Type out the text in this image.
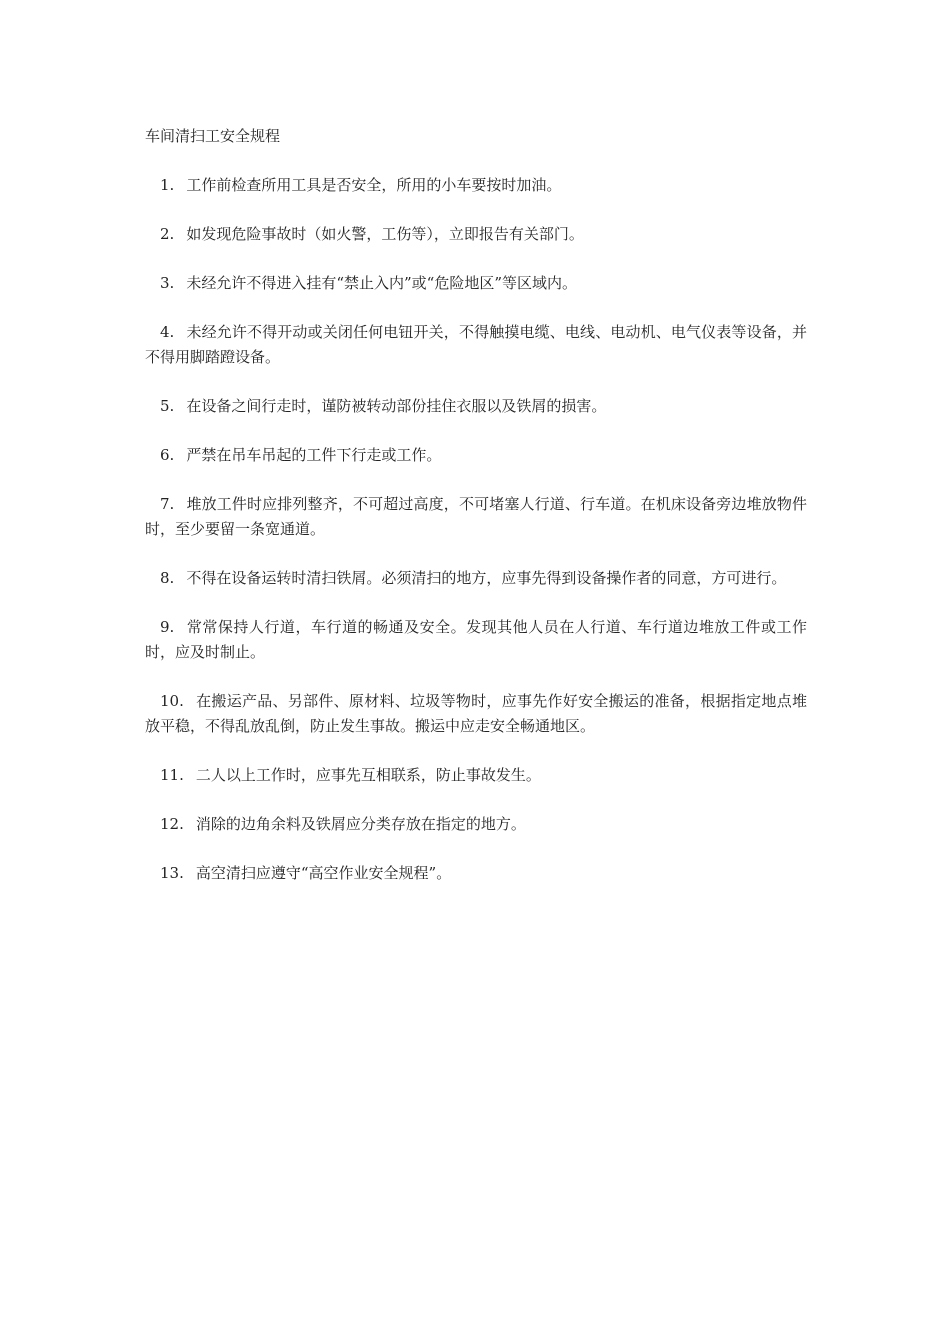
车间清扫工安全规程

1. 工作前检查所用工具是否安全，所用的小车要按时加油。
2. 如发现危险事故时（如火警，工伤等），立即报告有关部门。
3. 未经允许不得进入挂有“禁止入内”或“危险地区”等区域内。
4. 未经允许不得开动或关闭任何电钮开关，不得触摸电缆、电线、电动机、电气仪表等设备，并不得用脚踏蹬设备。
5. 在设备之间行走时，谨防被转动部份挂住衣服以及铁屑的损害。
6. 严禁在吊车吊起的工件下行走或工作。
7. 堆放工件时应排列整齐，不可超过高度，不可堵塞人行道、行车道。在机床设备旁边堆放物件时，至少要留一条宽通道。
8. 不得在设备运转时清扫铁屑。必须清扫的地方，应事先得到设备操作者的同意，方可进行。
9. 常常保持人行道，车行道的畅通及安全。发现其他人员在人行道、车行道边堆放工件或工作时，应及时制止。
10. 在搬运产品、另部件、原材料、垃圾等物时，应事先作好安全搬运的准备，根据指定地点堆放平稳，不得乱放乱倒，防止发生事故。搬运中应走安全畅通地区。
11. 二人以上工作时，应事先互相联系，防止事故发生。
12. 消除的边角余料及铁屑应分类存放在指定的地方。
13. 高空清扫应遵守“高空作业安全规程”。
